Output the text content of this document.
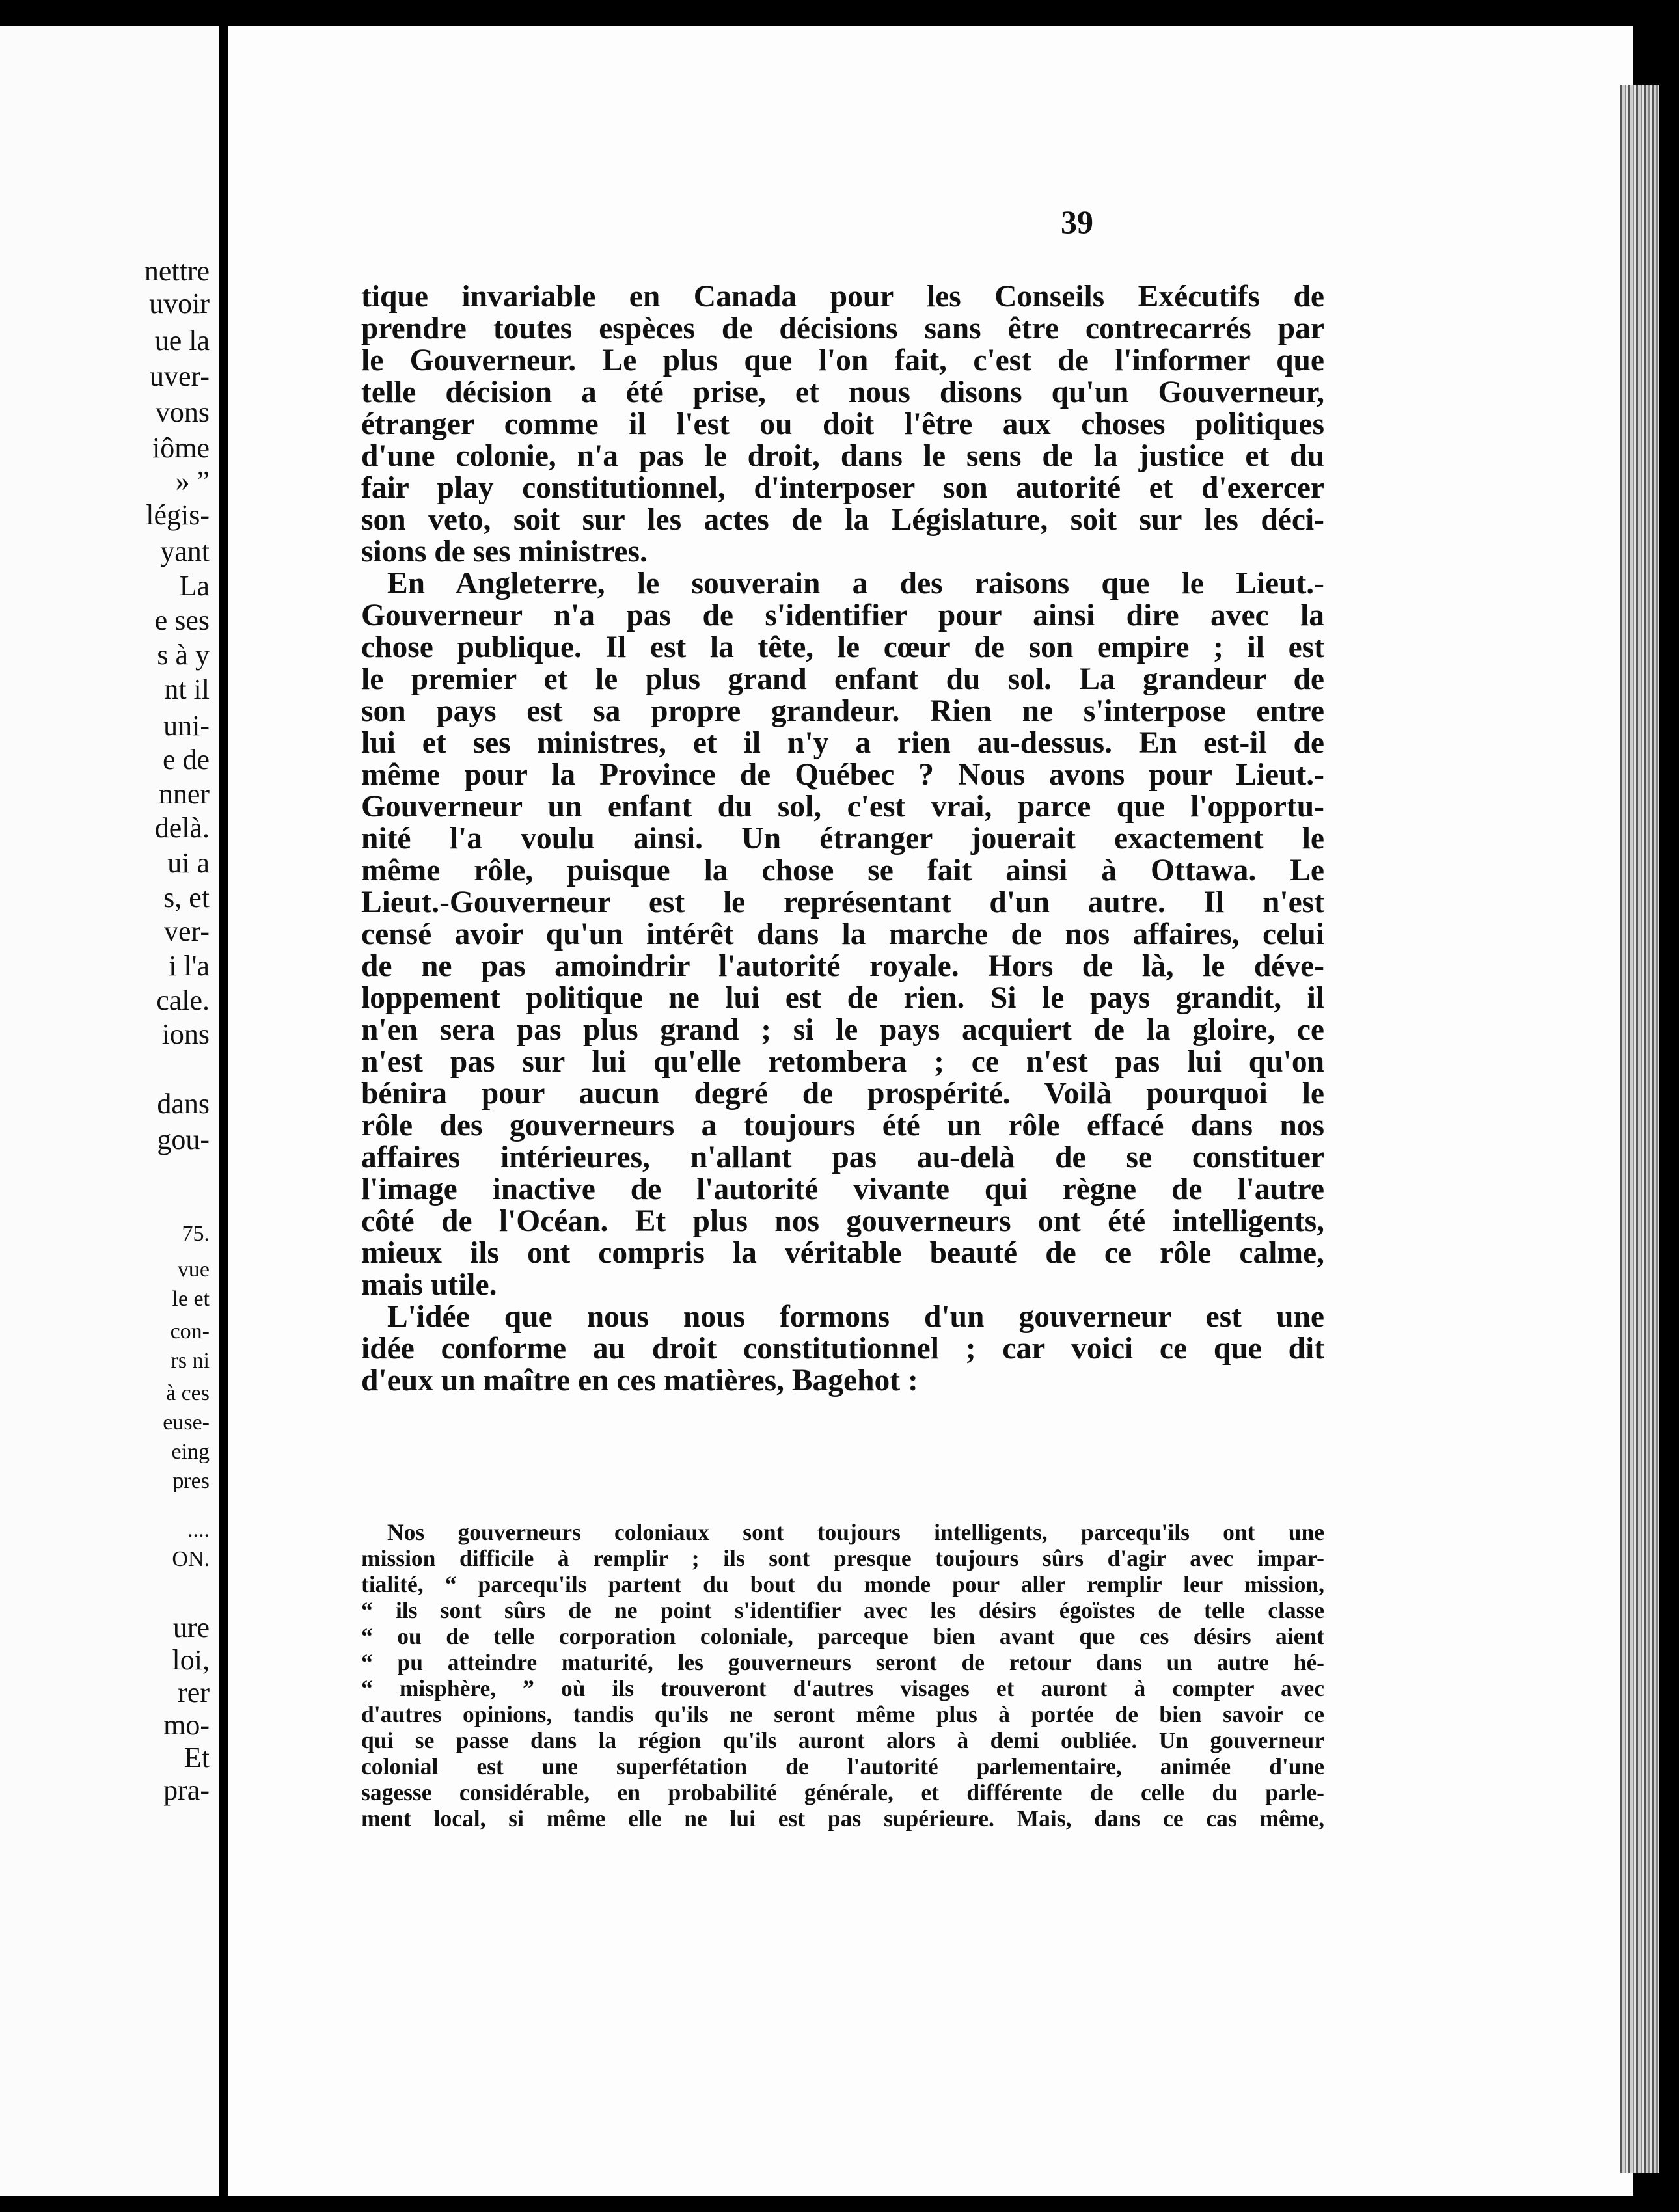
nettre
uvoir
ue la
uver-
vons
iôme
» ”
légis-
yant
La
e ses
s à y
nt il
uni-
e de
nner
delà.
ui a
s, et
ver-
i l'a
cale.
ions
dans
gou-
75.
vue
le et
con-
rs ni
à ces
euse-
eing
pres
....
ON.
ure
loi,
rer
mo-
Et
pra-
39
tique invariable en Canada pour les Conseils Exécutifs de
prendre toutes espèces de décisions sans être contrecarrés par
le Gouverneur. Le plus que l'on fait, c'est de l'informer que
telle décision a été prise, et nous disons qu'un Gouverneur,
étranger comme il l'est ou doit l'être aux choses politiques
d'une colonie, n'a pas le droit, dans le sens de la justice et du
fair play constitutionnel, d'interposer son autorité et d'exercer
son veto, soit sur les actes de la Législature, soit sur les déci-
sions de ses ministres.
En Angleterre, le souverain a des raisons que le Lieut.-
Gouverneur n'a pas de s'identifier pour ainsi dire avec la
chose publique. Il est la tête, le cœur de son empire ; il est
le premier et le plus grand enfant du sol. La grandeur de
son pays est sa propre grandeur. Rien ne s'interpose entre
lui et ses ministres, et il n'y a rien au-dessus. En est-il de
même pour la Province de Québec ? Nous avons pour Lieut.-
Gouverneur un enfant du sol, c'est vrai, parce que l'opportu-
nité l'a voulu ainsi. Un étranger jouerait exactement le
même rôle, puisque la chose se fait ainsi à Ottawa. Le
Lieut.-Gouverneur est le représentant d'un autre. Il n'est
censé avoir qu'un intérêt dans la marche de nos affaires, celui
de ne pas amoindrir l'autorité royale. Hors de là, le déve-
loppement politique ne lui est de rien. Si le pays grandit, il
n'en sera pas plus grand ; si le pays acquiert de la gloire, ce
n'est pas sur lui qu'elle retombera ; ce n'est pas lui qu'on
bénira pour aucun degré de prospérité. Voilà pourquoi le
rôle des gouverneurs a toujours été un rôle effacé dans nos
affaires intérieures, n'allant pas au-delà de se constituer
l'image inactive de l'autorité vivante qui règne de l'autre
côté de l'Océan. Et plus nos gouverneurs ont été intelligents,
mieux ils ont compris la véritable beauté de ce rôle calme,
mais utile.
L'idée que nous nous formons d'un gouverneur est une
idée conforme au droit constitutionnel ; car voici ce que dit
d'eux un maître en ces matières, Bagehot :
Nos gouverneurs coloniaux sont toujours intelligents, parcequ'ils ont une
mission difficile à remplir ; ils sont presque toujours sûrs d'agir avec impar-
tialité, “ parcequ'ils partent du bout du monde pour aller remplir leur mission,
“ ils sont sûrs de ne point s'identifier avec les désirs égoïstes de telle classe
“ ou de telle corporation coloniale, parceque bien avant que ces désirs aient
“ pu atteindre maturité, les gouverneurs seront de retour dans un autre hé-
“ misphère, ” où ils trouveront d'autres visages et auront à compter avec
d'autres opinions, tandis qu'ils ne seront même plus à portée de bien savoir ce
qui se passe dans la région qu'ils auront alors à demi oubliée. Un gouverneur
colonial est une superfétation de l'autorité parlementaire, animée d'une
sagesse considérable, en probabilité générale, et différente de celle du parle-
ment local, si même elle ne lui est pas supérieure. Mais, dans ce cas même,
